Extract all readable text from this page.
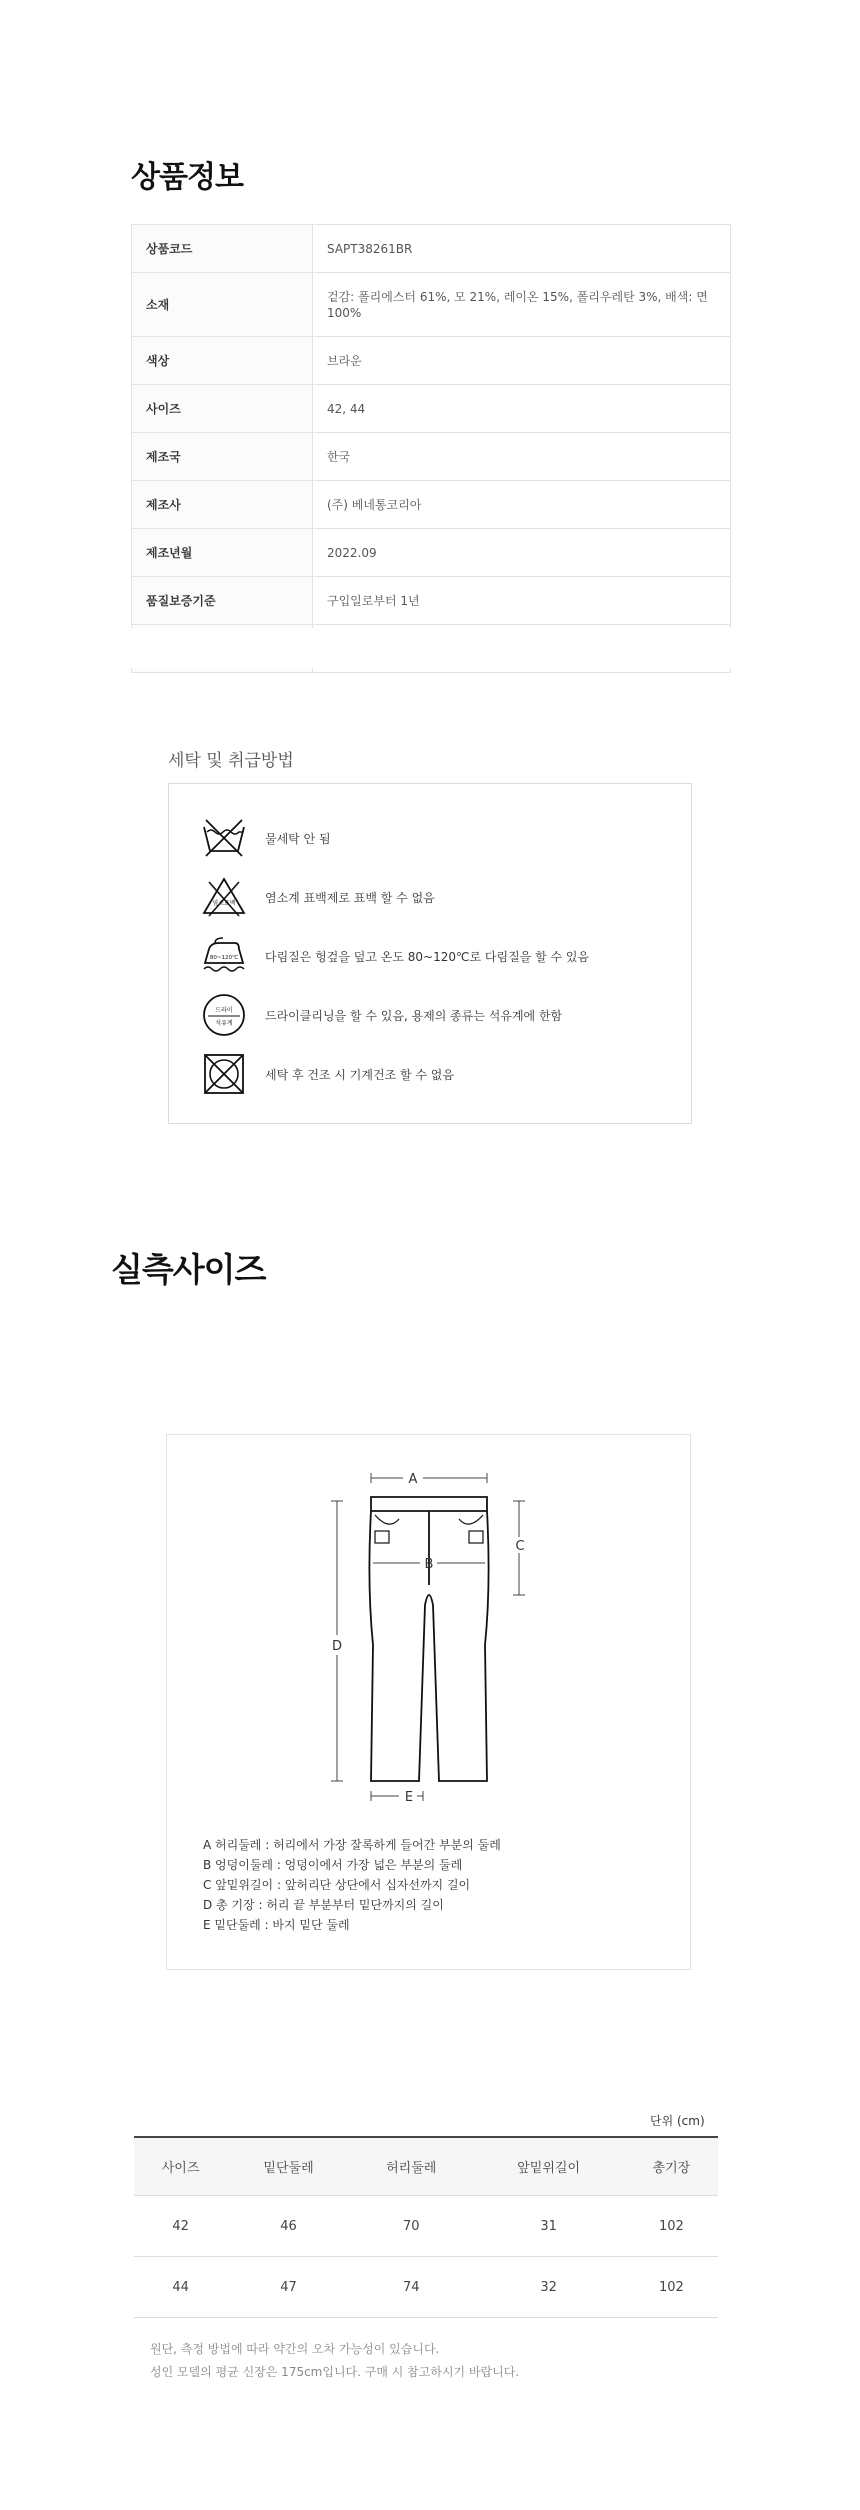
상품정보
상품코드	SAPT38261BR
소재	겉감: 폴리에스터 61%, 모 21%, 레이온 15%, 폴리우레탄 3%, 배색: 면 100%
색상	브라운
사이즈	42, 44
제조국	한국
제조사	(주) 베네통코리아
제조년월	2022.09
품질보증기준	구입일로부터 1년

세탁 및 취급방법
물세탁 안 됨
염소표백 염소계 표백제로 표백 할 수 없음
80~120℃ 다림질은 헝겊을 덮고 온도 80~120℃로 다림질을 할 수 있음
드라이
석유계
드라이클리닝을 할 수 있음, 용제의 종류는 석유계에 한함
세탁 후 건조 시 기계건조 할 수 없음
실측사이즈
A
B
C
D
E
A 허리둘레 : 허리에서 가장 잘록하게 들어간 부분의 둘레
B 엉덩이둘레 : 엉덩이에서 가장 넓은 부분의 둘레
C 앞밑위길이 : 앞허리단 상단에서 십자선까지 길이
D 총 기장 : 허리 끝 부분부터 밑단까지의 길이
E 밑단둘레 : 바지 밑단 둘레
단위 (cm)
사이즈	밑단둘레	허리둘레	앞밑위길이	총기장
42	46	70	31	102
44	47	74	32	102
원단, 측정 방법에 따라 약간의 오차 가능성이 있습니다.
성인 모델의 평균 신장은 175cm입니다. 구매 시 참고하시기 바랍니다.
